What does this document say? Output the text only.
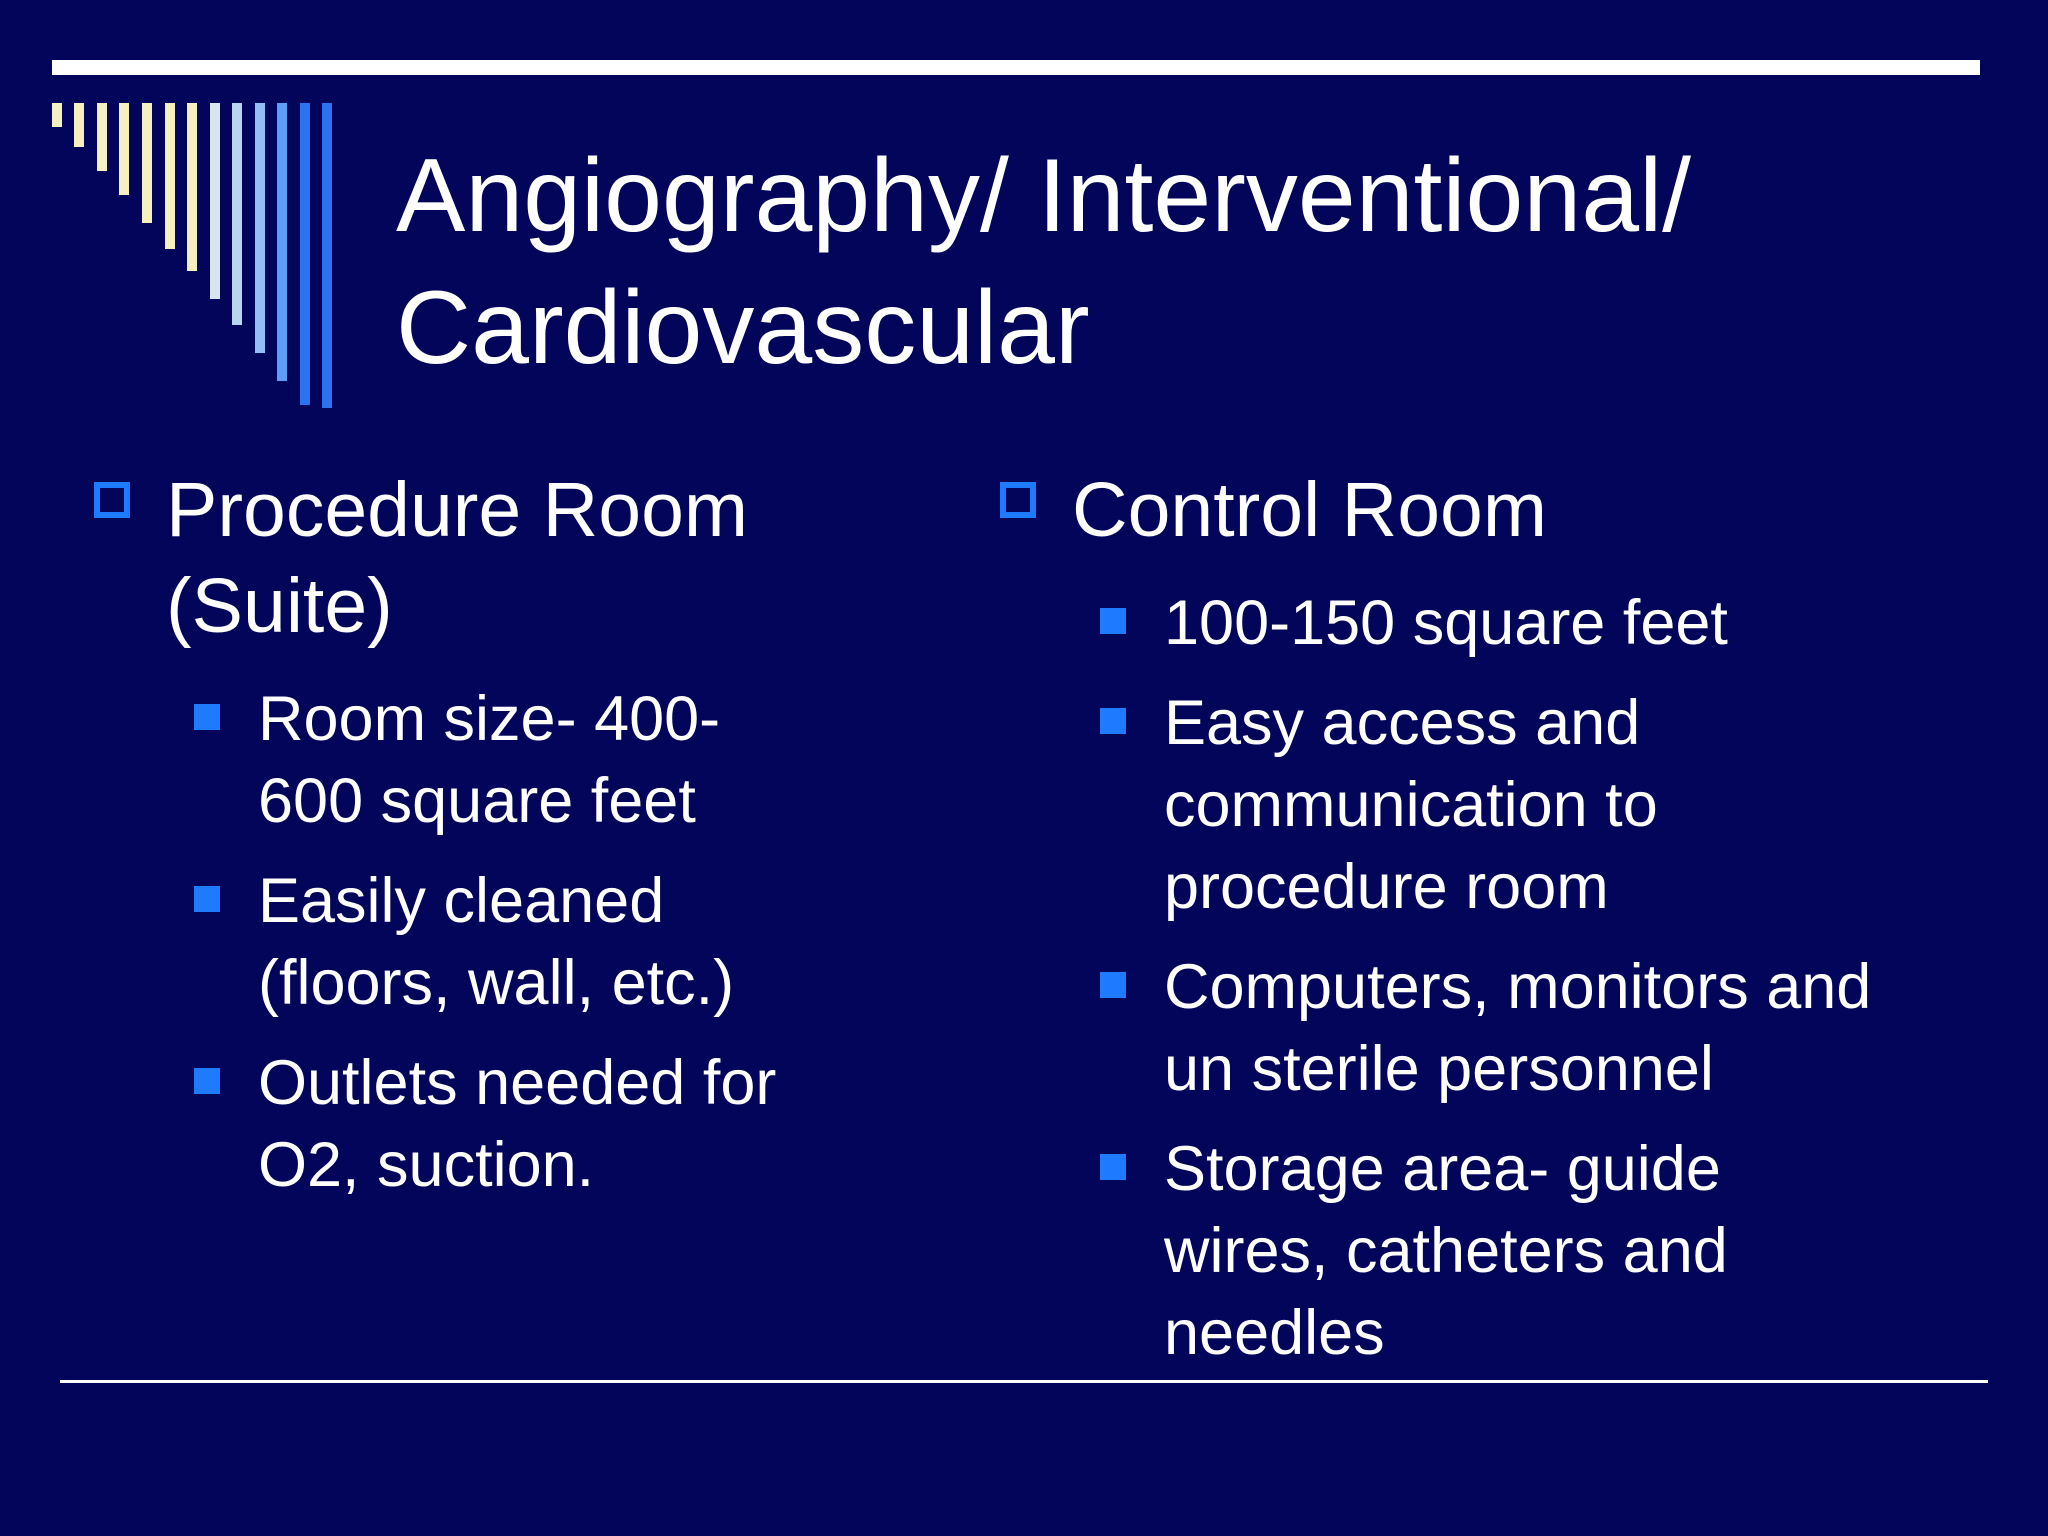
Angiography/ Interventional/
Cardiovascular
Procedure Room
(Suite)
Room size- 400-
600 square feet
Easily cleaned
(floors, wall, etc.)
Outlets needed for
O2, suction.
Control Room
100-150 square feet
Easy access and
communication to
procedure room
Computers, monitors and
un sterile personnel
Storage area- guide
wires, catheters and
needles
